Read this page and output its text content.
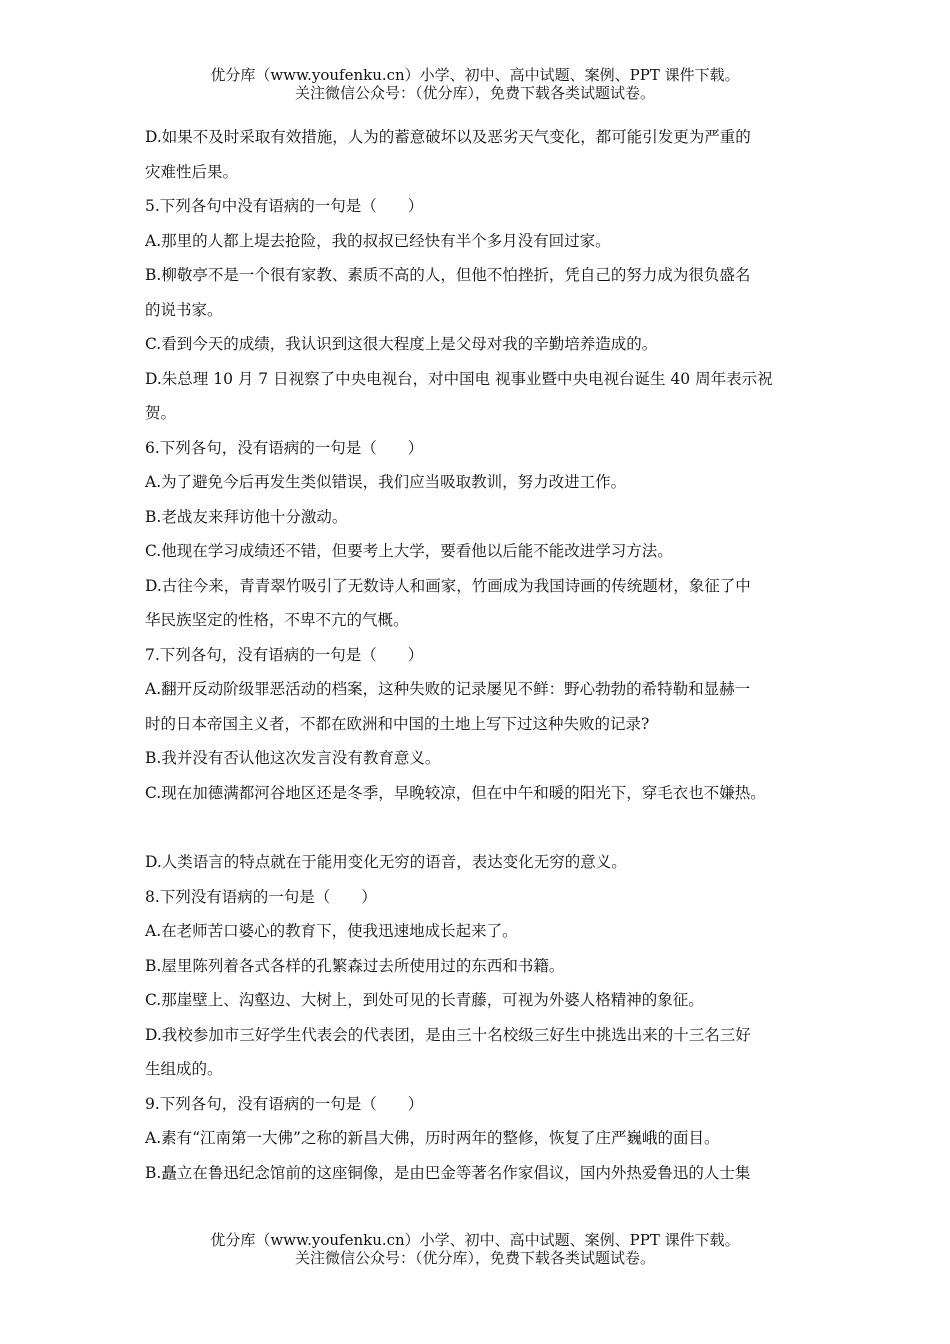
优分库（www.youfenku.cn）小学、初中、高中试题、案例、PPT 课件下载。
关注微信公众号：（优分库），免费下载各类试题试卷。
D.如果不及时采取有效措施，人为的蓄意破坏以及恶劣天气变化，都可能引发更为严重的
灾难性后果。
5.下列各句中没有语病的一句是（　　）
A.那里的人都上堤去抢险，我的叔叔已经快有半个多月没有回过家。
B.柳敬亭不是一个很有家教、素质不高的人，但他不怕挫折，凭自己的努力成为很负盛名
的说书家。
C.看到今天的成绩，我认识到这很大程度上是父母对我的辛勤培养造成的。
D.朱总理 10 月 7 日视察了中央电视台，对中国电 视事业暨中央电视台诞生 40 周年表示祝
贺。
6.下列各句，没有语病的一句是（　　）
A.为了避免今后再发生类似错误，我们应当吸取教训，努力改进工作。
B.老战友来拜访他十分激动。
C.他现在学习成绩还不错，但要考上大学，要看他以后能不能改进学习方法。
D.古往今来，青青翠竹吸引了无数诗人和画家，竹画成为我国诗画的传统题材，象征了中
华民族坚定的性格，不卑不亢的气概。
7.下列各句，没有语病的一句是（　　）
A.翻开反动阶级罪恶活动的档案，这种失败的记录屡见不鲜：野心勃勃的希特勒和显赫一
时的日本帝国主义者，不都在欧洲和中国的土地上写下过这种失败的记录?
B.我并没有否认他这次发言没有教育意义。
C.现在加德满都河谷地区还是冬季，早晚较凉，但在中午和暖的阳光下，穿毛衣也不嫌热。
D.人类语言的特点就在于能用变化无穷的语音，表达变化无穷的意义。
8.下列没有语病的一句是（　　）
A.在老师苦口婆心的教育下，使我迅速地成长起来了。
B.屋里陈列着各式各样的孔繁森过去所使用过的东西和书籍。
C.那崖壁上、沟壑边、大树上，到处可见的长青藤，可视为外婆人格精神的象征。
D.我校参加市三好学生代表会的代表团，是由三十名校级三好生中挑选出来的十三名三好
生组成的。
9.下列各句，没有语病的一句是（　　）
A.素有“江南第一大佛”之称的新昌大佛，历时两年的整修，恢复了庄严巍峨的面目。
B.矗立在鲁迅纪念馆前的这座铜像，是由巴金等著名作家倡议，国内外热爱鲁迅的人士集
优分库（www.youfenku.cn）小学、初中、高中试题、案例、PPT 课件下载。
关注微信公众号：（优分库），免费下载各类试题试卷。
